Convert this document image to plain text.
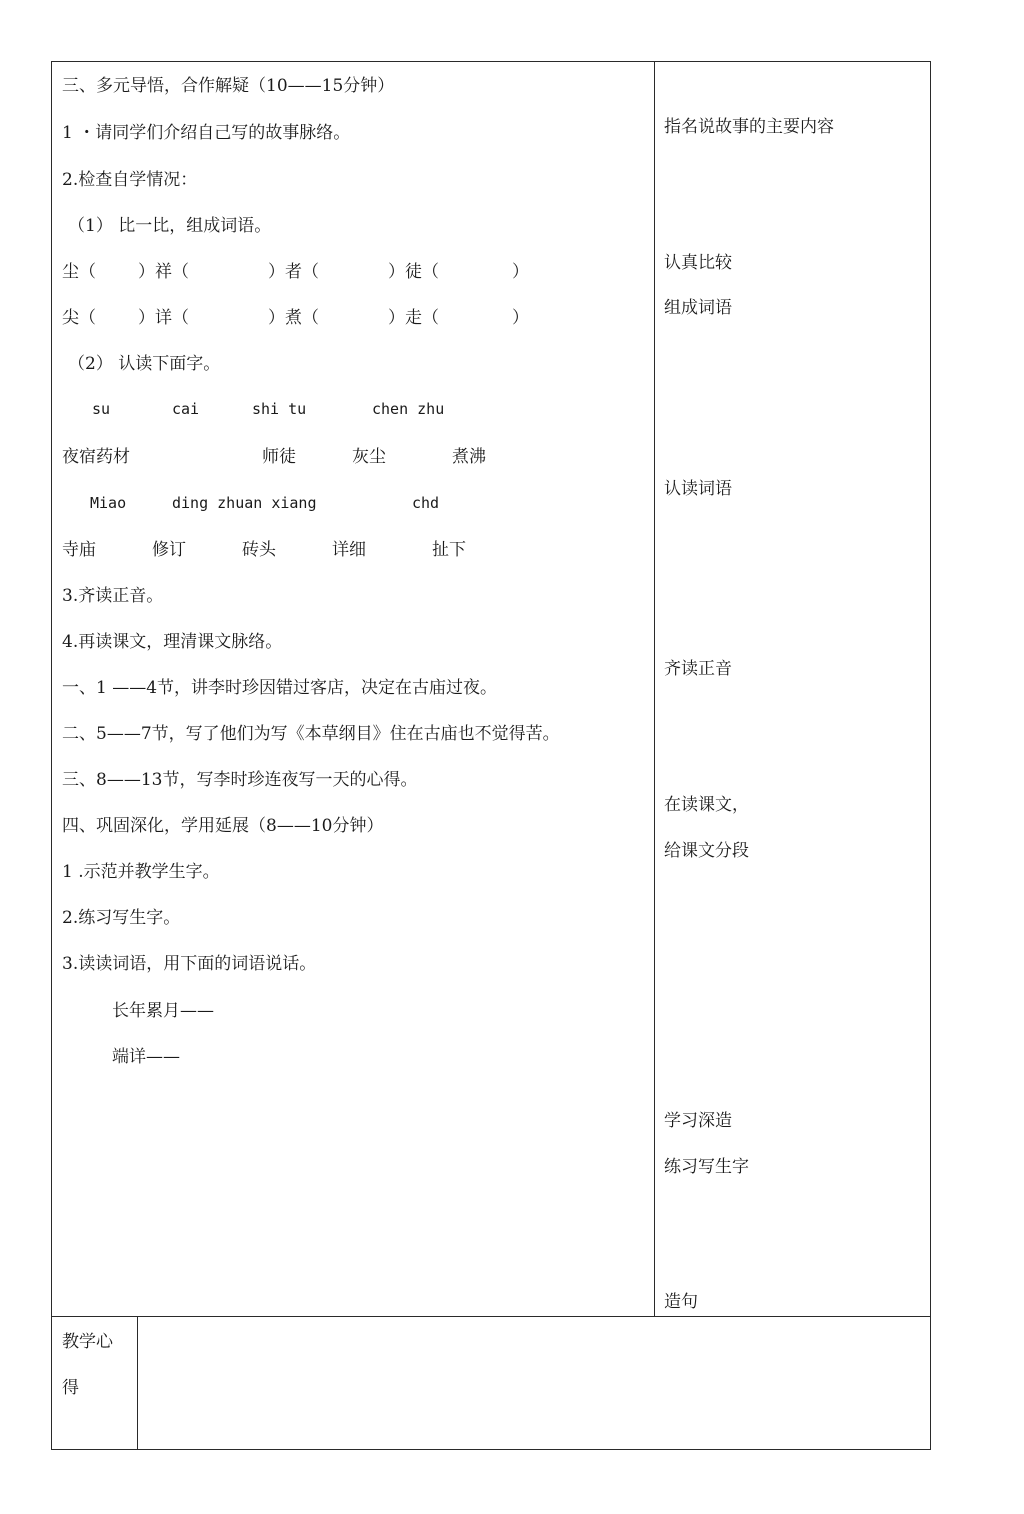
三、多元导悟，合作解疑（10——15分钟）
1 ・请同学们介绍自己写的故事脉络。
2.检查自学情况：
（1） 比一比，组成词语。
尘（ ）祥（	）者（	）徒（	）
尖（ ）详（	）煮（	）走（	）
（2） 认读下面字。
su	cai	shi tu	chen zhu
夜宿药材	师徒	灰尘	煮沸
Miao	ding zhuan xiang	chd
寺庙	修订	砖头	详细	扯下
3.齐读正音。
4.再读课文，理清课文脉络。
一、1 ——4节，讲李时珍因错过客店，决定在古庙过夜。
二、5——7节，写了他们为写《本草纲目》住在古庙也不觉得苦。
三、8——13节，写李时珍连夜写一天的心得。
四、巩固深化，学用延展（8——10分钟）
1 .示范并教学生字。
2.练习写生字。
3.读读词语，用下面的词语说话。
长年累月——
端详——
指名说故事的主要内容
认真比较
组成词语
认读词语
齐读正音
在读课文，
给课文分段
学习深造
练习写生字
造句
教学心
得
